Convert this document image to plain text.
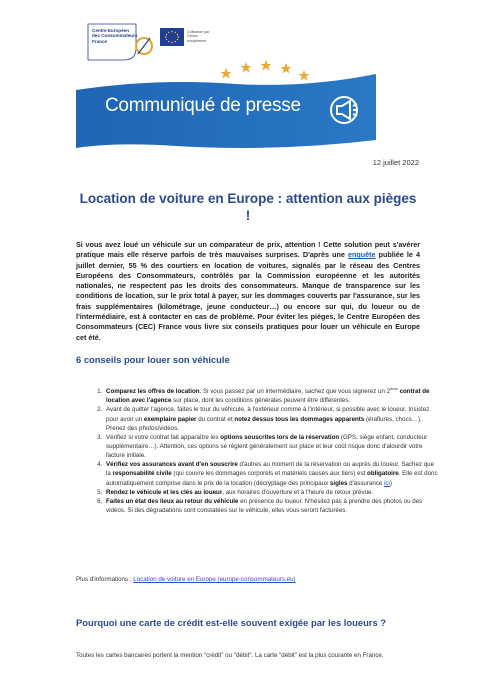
Centre Européen
des Consommateurs
France
Cofinancé par l'Union européenne
Communiqué de presse
12 juillet 2022
Location de voiture en Europe : attention aux pièges !
Si vous avez loué un véhicule sur un comparateur de prix, attention ! Cette solution peut s'avérer pratique mais elle réserve parfois de très mauvaises surprises. D'après une enquête publiée le 4 juillet dernier, 55 % des courtiers en location de voitures, signalés par le réseau des Centres Européens des Consommateurs, contrôlés par la Commission européenne et les autorités nationales, ne respectent pas les droits des consommateurs. Manque de transparence sur les conditions de location, sur le prix total à payer, sur les dommages couverts par l'assurance, sur les frais supplémentaires (kilométrage, jeune conducteur…) ou encore sur qui, du loueur ou de l'intermédiaire, est à contacter en cas de problème. Pour éviter les pièges, le Centre Européen des Consommateurs (CEC) France vous livre six conseils pratiques pour louer un véhicule en Europe cet été.
6 conseils pour louer son véhicule
1. Comparez les offres de location. Si vous passez par un intermédiaire, sachez que vous signerez un 2ème contrat de location avec l'agence sur place, dont les conditions générales peuvent être différentes.
2. Avant de quitter l'agence, faites le tour du véhicule, à l'extérieur comme à l'intérieur, si possible avec le loueur. Insistez pour avoir un exemplaire papier du contrat et notez dessus tous les dommages apparents (éraflures, chocs…). Prenez des photos/vidéos.
3. Vérifiez si votre contrat fait apparaître les options souscrites lors de la réservation (GPS, siège enfant, conducteur supplémentaire…). Attention, ces options se règlent généralement sur place et leur coût risque donc d'alourdir votre facture initiale.
4. Vérifiez vos assurances avant d'en souscrire d'autres au moment de la réservation ou auprès du loueur. Sachez que la responsabilité civile (qui couvre les dommages corporels et matériels causés aux tiers) est obligatoire. Elle est donc automatiquement comprise dans le prix de la location (décryptage des principaux sigles d'assurance ici)
5. Rendez le véhicule et les clés au loueur, aux horaires d'ouverture et à l'heure de retour prévue.
6. Faites un état des lieux au retour du véhicule en présence du loueur. N'hésitez pas à prendre des photos ou des vidéos. Si des dégradations sont constatées sur le véhicule, elles vous seront facturées.
Plus d'informations : Location de voiture en Europe (europe-consommateurs.eu)
Pourquoi une carte de crédit est-elle souvent exigée par les loueurs ?
Toutes les cartes bancaires portent la mention "crédit" ou "débit". La carte "débit" est la plus courante en France.
